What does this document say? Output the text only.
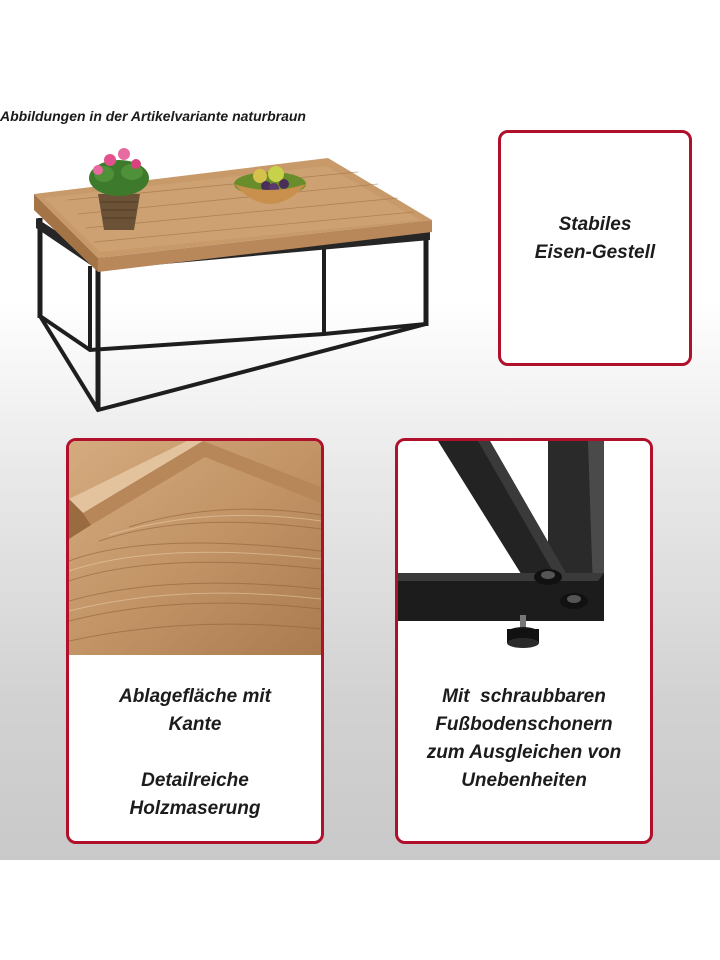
Abbildungen in der Artikelvariante naturbraun
Stabiles
Eisen-Gestell
Ablagefläche mit
Kante
Detailreiche
Holzmaserung
Mit  schraubbaren
Fußbodenschonern
zum Ausgleichen von
Unebenheiten
